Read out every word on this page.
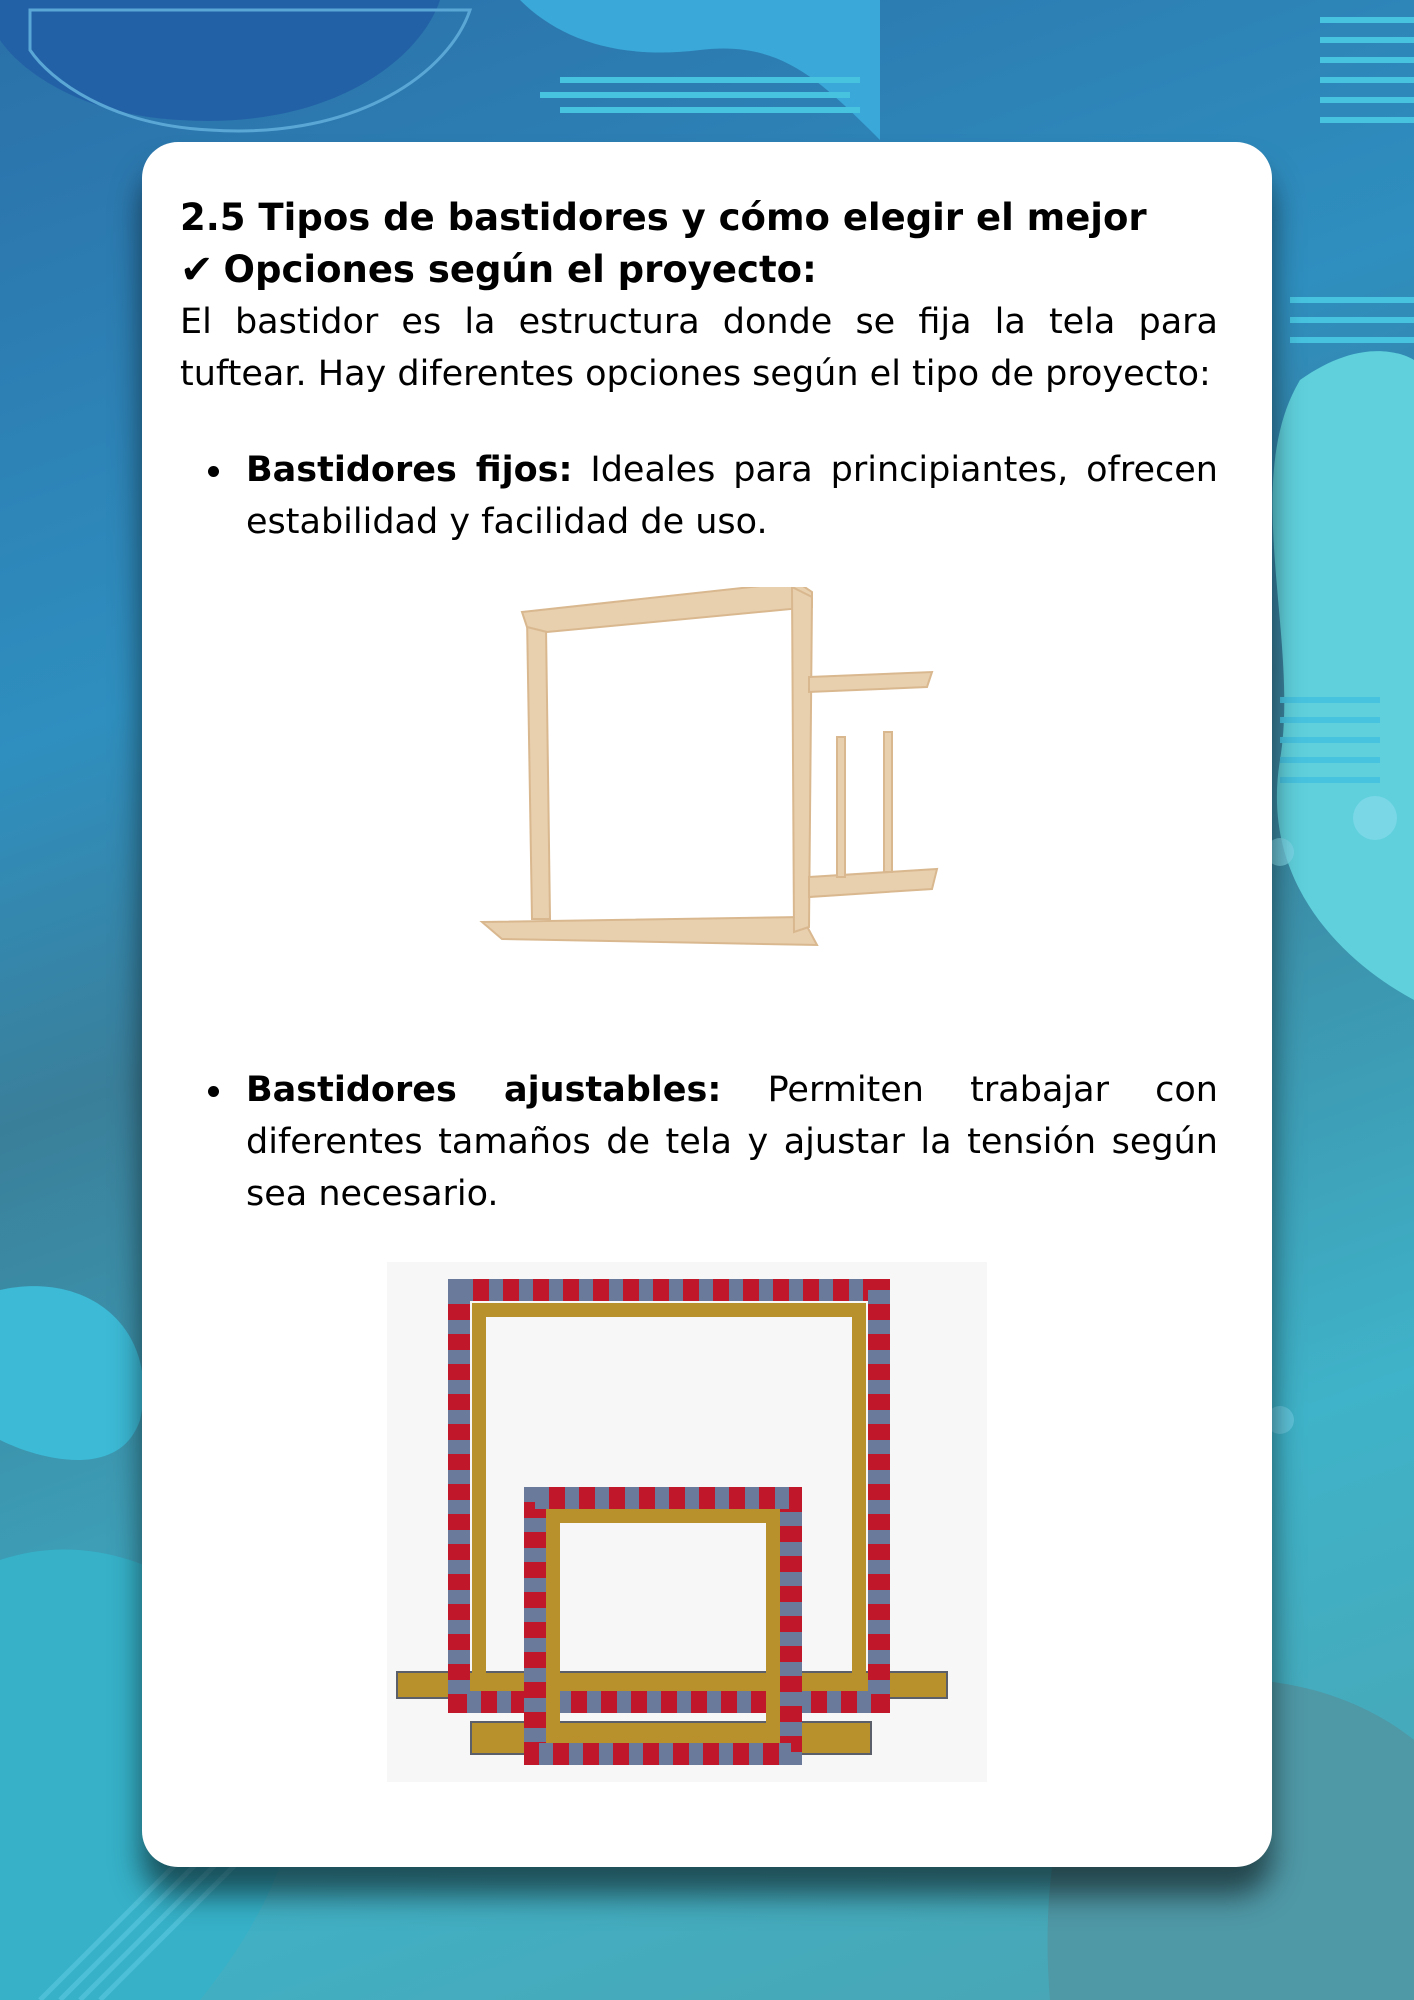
2.5 Tipos de bastidores y cómo elegir el mejor
✔ Opciones según el proyecto:

El bastidor es la estructura donde se fija la tela para tuftear. Hay diferentes opciones según el tipo de proyecto:

Bastidores fijos: Ideales para principiantes, ofrecen estabilidad y facilidad de uso.
Bastidores ajustables: Permiten trabajar con diferentes tamaños de tela y ajustar la tensión según sea necesario.
